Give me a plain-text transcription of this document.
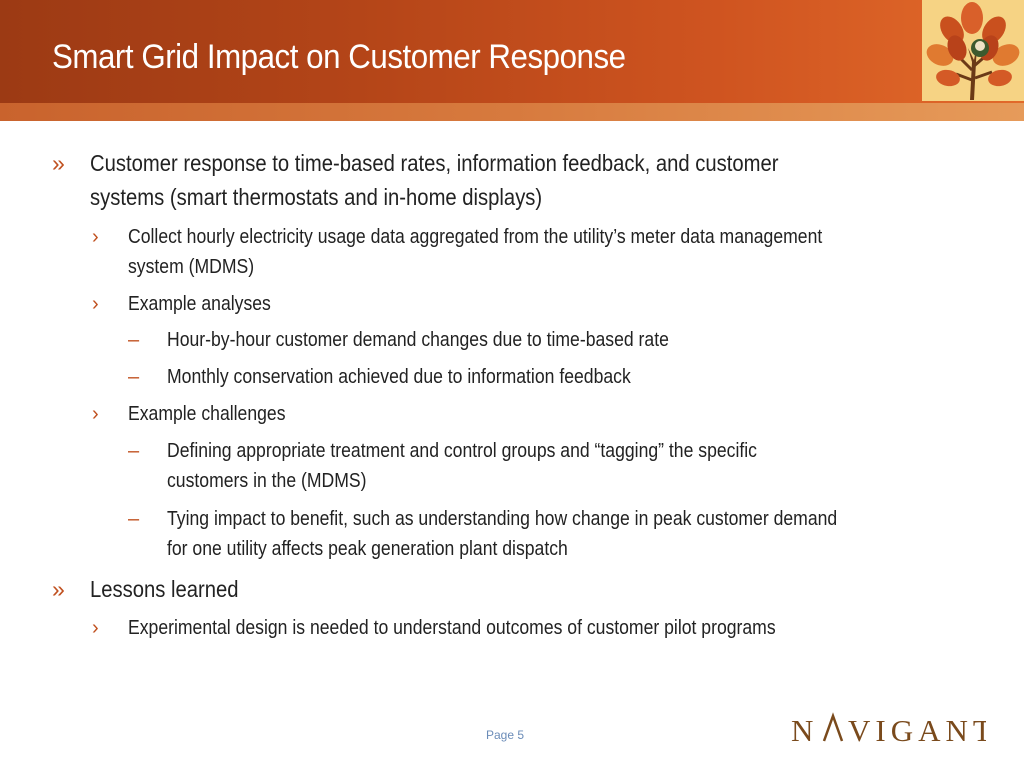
Smart Grid Impact on Customer Response
» Customer response to time-based rates, information feedback, and customer
systems (smart thermostats and in-home displays)
› Collect hourly electricity usage data aggregated from the utility’s meter data management
system (MDMS)
› Example analyses
– Hour-by-hour customer demand changes due to time-based rate
– Monthly conservation achieved due to information feedback
› Example challenges
– Defining appropriate treatment and control groups and “tagging” the specific
customers in the (MDMS)
– Tying impact to benefit, such as understanding how change in peak customer demand
for one utility affects peak generation plant dispatch
» Lessons learned
› Experimental design is needed to understand outcomes of customer pilot programs
Page 5	N VIGANT
